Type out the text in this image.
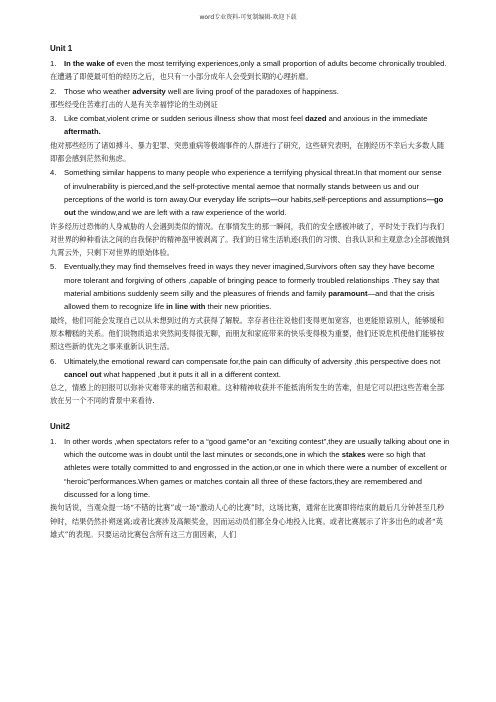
word专业资料-可复制编辑-欢迎下载
Unit 1
1. In the wake of even the most terrifying experiences,only a small proportion of adults become chronically troubled.

在遭遇了即使最可怕的经历之后，也只有一小部分成年人会受到长期的心理折磨。

2. Those who weather adversity well are living proof of the paradoxes of happiness.

那些经受住苦难打击的人是有关幸福悖论的生动例证

3. Like combat,violent crime or sudden serious illness show that most feel dazed and anxious in the immediate aftermath.

他对那些经历了诸如搏斗、暴力犯罪、突患重病等极端事件的人群进行了研究，这些研究表明，在刚经历不幸后大多数人随即都会感到茫然和焦虑。

4. Something similar happens to many people who experience a terrifying physical threat.In that moment our sense of invulnerability is pierced,and the self-protective mental aemoe that normally stands between us and our perceptions of the world is torn away.Our everyday life scripts—our habits,self-perceptions and assumptions—go out the window,and we are left with a raw experience of the world.

许多经历过恐怖的人身威胁的人会遇到类似的情况。在事情发生的那一瞬间，我们的安全感被冲破了，平时处于我们与我们对世界的种种看法之间的自我保护的精神盔甲被剥离了。我们的日常生活轨迹(我们的习惯、自我认识和主观意念)全部被抛到九霄云外，只剩下对世界的原始体验。

5. Eventually,they may find themselves freed in ways they never imagined,Survivors often say they have become more tolerant and forgiving of others ,capable of bringing peace to formerly troubled relationships .They say that material ambitions suddenly seem silly and the pleasures of friends and family paramount—and that the crisis allowed them to recognize life in line with their new priorities.

最终，他们可能会发现自己以从未想到过的方式获得了解脱。幸存者往往说他们变得更加宽容，也更能原谅别人，能够缓和原本糟糕的关系。他们说物质追求突然间变得很无聊，而朋友和家庭带来的快乐变得极为重要，他们还说危机使他们能够按照这些新的优先之事来重新认识生活。

6. Ultimately,the emotional reward can compensate for,the pain can difficulty of adversity ,this perspective does not cancel out what happened ,but it puts it all in a different context.

总之，情感上的回报可以弥补灾难带来的痛苦和艰难。这种精神收获并不能抵消所发生的苦难，但是它可以把这些苦难全部放在另一个不同的背景中来看待.

Unit2
1. In other words ,when spectators refer to a “good game”or an “exciting contest”,they are usually talking about one in which the outcome was in doubt until the last minutes or seconds,one in which the stakes were so high that athletes were totally committed to and engrossed in the action,or one in which there were a number of excellent or “heroic”performances.When games or matches contain all three of these factors,they are remembered and discussed for a long time.

换句话说，当观众提一场“不错的比赛”或一场“激动人心的比赛”时，这场比赛，通常在比赛即将结束的最后几分钟甚至几秒钟时，结果仍然扑朔迷离;或者比赛涉及高额奖金，因而运动员们都全身心地投入比赛。或者比赛展示了许多出色的或者“英雄式”的表现。只要运动比赛包含所有这三方面因素，人们
